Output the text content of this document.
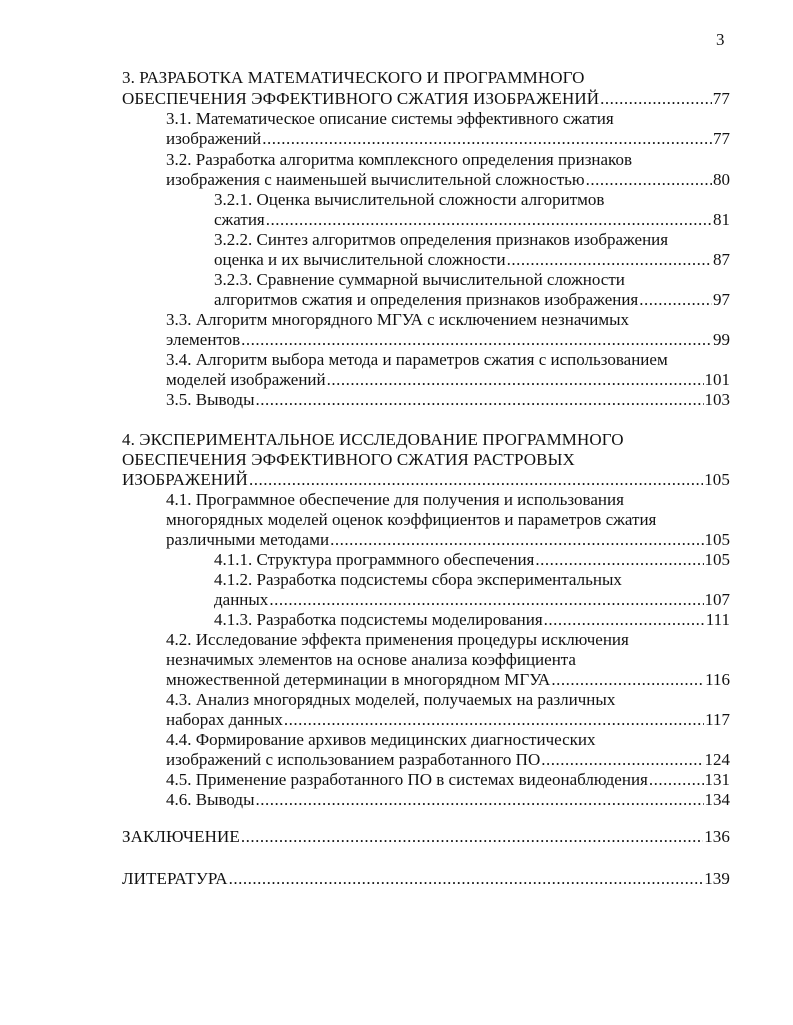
3
3. РАЗРАБОТКА МАТЕМАТИЧЕСКОГО И ПРОГРАММНОГО
ОБЕСПЕЧЕНИЯ ЭФФЕКТИВНОГО СЖАТИЯ ИЗОБРАЖЕНИЙ .....	77
3.1. Математическое описание системы эффективного сжатия
изображений .....	77
3.2. Разработка алгоритма комплексного определения признаков
изображения с наименьшей вычислительной сложностью .....	80
3.2.1. Оценка вычислительной сложности алгоритмов
сжатия .....	81
3.2.2. Синтез алгоритмов определения признаков изображения
оценка и их вычислительной сложности .....	87
3.2.3. Сравнение суммарной вычислительной сложности
алгоритмов сжатия и определения признаков изображения .....	97
3.3. Алгоритм многорядного МГУА с исключением незначимых
элементов .....	99
3.4. Алгоритм выбора метода и параметров сжатия с использованием
моделей изображений .....	101
3.5. Выводы .....	103
4. ЭКСПЕРИМЕНТАЛЬНОЕ ИССЛЕДОВАНИЕ ПРОГРАММНОГО
ОБЕСПЕЧЕНИЯ ЭФФЕКТИВНОГО СЖАТИЯ РАСТРОВЫХ
ИЗОБРАЖЕНИЙ .....	105
4.1. Программное обеспечение для получения и использования
многорядных моделей оценок коэффициентов и параметров сжатия
различными методами .....	105
4.1.1. Структура программного обеспечения .....	105
4.1.2. Разработка подсистемы сбора экспериментальных
данных .....	107
4.1.3. Разработка подсистемы моделирования .....	111
4.2. Исследование эффекта применения процедуры исключения
незначимых элементов на основе анализа коэффициента
множественной детерминации в многорядном МГУА .....	116
4.3. Анализ многорядных моделей, получаемых на различных
наборах данных .....	117
4.4. Формирование архивов медицинских диагностических
изображений с использованием разработанного ПО .....	124
4.5. Применение разработанного ПО в системах видеонаблюдения .....	131
4.6. Выводы .....	134
ЗАКЛЮЧЕНИЕ .....	136
ЛИТЕРАТУРА .....	139
